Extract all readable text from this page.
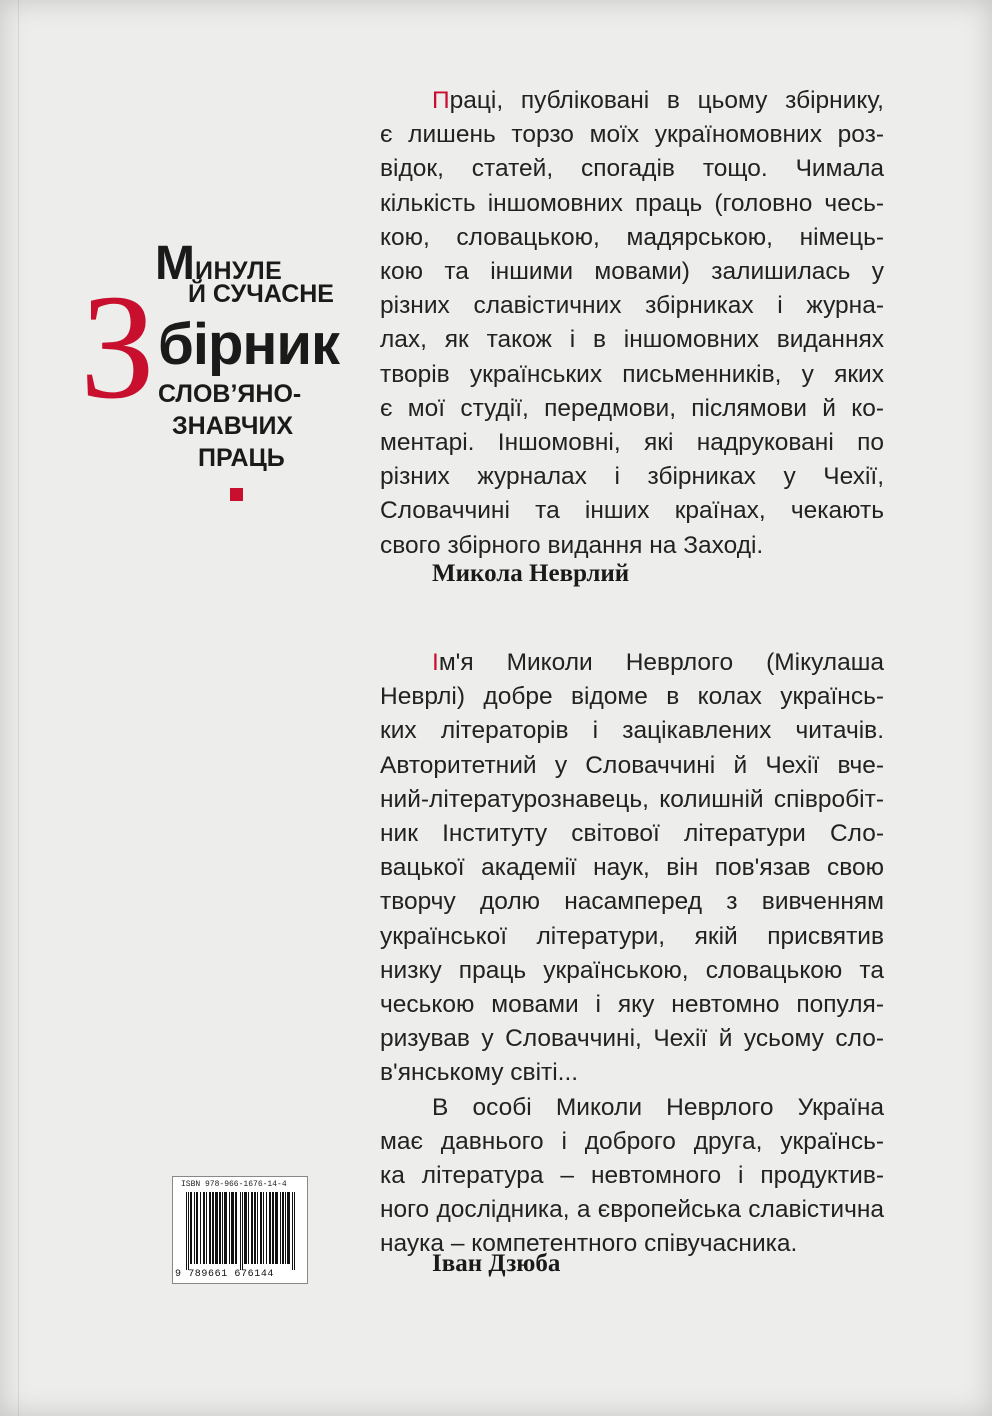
МИНУЛЕ
Й СУЧАСНЕ
З бірник
СЛОВ’ЯНО-
ЗНАВЧИХ
ПРАЦЬ
Праці, публіковані в цьому збірнику,
є лишень торзо моїх україномовних роз-
відок, статей, спогадів тощо. Чимала
кількість іншомовних праць (головно чесь-
кою, словацькою, мадярською, німець-
кою та іншими мовами) залишилась у
різних славістичних збірниках і журна-
лах, як також і в іншомовних виданнях
творів українських письменників, у яких
є мої студії, передмови, післямови й ко-
ментарі. Іншомовні, які надруковані по
різних журналах і збірниках у Чехії,
Словаччині та інших країнах, чекають
свого збірного видання на Заході.
Микола Неврлий
Ім'я Миколи Неврлого (Мікулаша
Неврлі) добре відоме в колах українсь-
ких літераторів і зацікавлених читачів.
Авторитетний у Словаччині й Чехії вче-
ний-літературознавець, колишній співробіт-
ник Інституту світової літератури Сло-
вацької академії наук, він пов'язав свою
творчу долю насамперед з вивченням
української літератури, якій присвятив
низку праць українською, словацькою та
чеською мовами і яку невтомно популя-
ризував у Словаччині, Чехії й усьому сло-
в'янському світі...
В особі Миколи Неврлого Україна
має давнього і доброго друга, українсь-
ка література – невтомного і продуктив-
ного дослідника, а європейська славістична
наука – компетентного співучасника.
Іван Дзюба
ISBN 978-966-1676-14-4
9 789661 676144
